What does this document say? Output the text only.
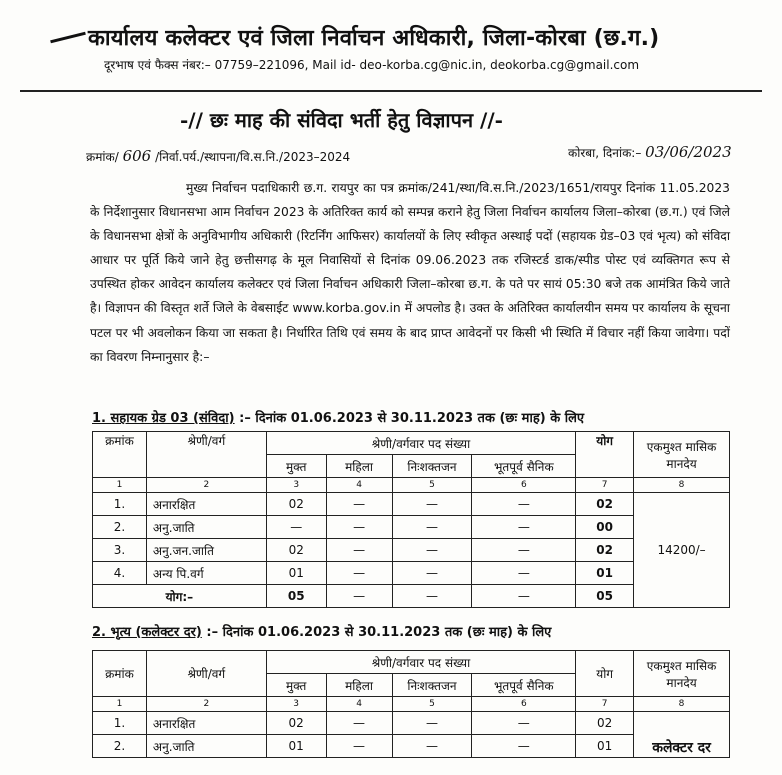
कार्यालय कलेक्टर एवं जिला निर्वाचन अधिकारी, जिला-कोरबा (छ.ग.)
दूरभाष एवं फैक्स नंबर:– 07759–221096, Mail id- deo-korba.cg@nic.in, deokorba.cg@gmail.com
-// छः माह की संविदा भर्ती हेतु विज्ञापन //-
क्रमांक/ 606 /निर्वा.पर्य./स्थापना/वि.स.नि./2023–2024	कोरबा, दिनांक:– 03/06/2023

मुख्य निर्वाचन पदाधिकारी छ.ग. रायपुर का पत्र क्रमांक/241/स्था/वि.स.नि./2023/1651/रायपुर दिनांक 11.05.2023 के निर्देशानुसार विधानसभा आम निर्वाचन 2023 के अतिरिक्त कार्य को सम्पन्न कराने हेतु जिला निर्वाचन कार्यालय जिला–कोरबा (छ.ग.) एवं जिले के विधानसभा क्षेत्रों के अनुविभागीय अधिकारी (रिटर्निंग आफिसर) कार्यालयों के लिए स्वीकृत अस्थाई पदों (सहायक ग्रेड–03 एवं भृत्य) को संविदा आधार पर पूर्ति किये जाने हेतु छत्तीसगढ़ के मूल निवासियों से दिनांक 09.06.2023 तक रजिस्टर्ड डाक/स्पीड पोस्ट एवं व्यक्तिगत रूप से उपस्थित होकर आवेदन कार्यालय कलेक्टर एवं जिला निर्वाचन अधिकारी जिला–कोरबा छ.ग. के पते पर सायं 05:30 बजे तक आमंत्रित किये जाते है। विज्ञापन की विस्तृत शर्ते जिले के वेबसाईट www.korba.gov.in में अपलोड है। उक्त के अतिरिक्त कार्यालयीन समय पर कार्यालय के सूचना पटल पर भी अवलोकन किया जा सकता है। निर्धारित तिथि एवं समय के बाद प्राप्त आवेदनों पर किसी भी स्थिति में विचार नहीं किया जावेगा। पदों का विवरण निम्नानुसार है:–

1. सहायक ग्रेड 03 (संविदा) :– दिनांक 01.06.2023 से 30.11.2023 तक (छः माह) के लिए
क्रमांक	श्रेणी/वर्ग	श्रेणी/वर्गवार पद संख्या				योग	एकमुश्त मासिक मानदेय
		मुक्त	महिला	निःशक्तजन	भूतपूर्व सैनिक		
1	2	3	4	5	6	7	8
1.	अनारक्षित	02	—	—	—	02	14200/–
2.	अनु.जाति	—	—	—	—	00	
3.	अनु.जन.जाति	02	—	—	—	02	
4.	अन्य पि.वर्ग	01	—	—	—	01	
योग:–		05	—	—	—	05	
2. भृत्य (कलेक्टर दर) :– दिनांक 01.06.2023 से 30.11.2023 तक (छः माह) के लिए
क्रमांक	श्रेणी/वर्ग	श्रेणी/वर्गवार पद संख्या				योग	एकमुश्त मासिक मानदेय
		मुक्त	महिला	निःशक्तजन	भूतपूर्व सैनिक		
1	2	3	4	5	6	7	8
1.	अनारक्षित	02	—	—	—	02	कलेक्टर दर
2.	अनु.जाति	01	—	—	—	01	
